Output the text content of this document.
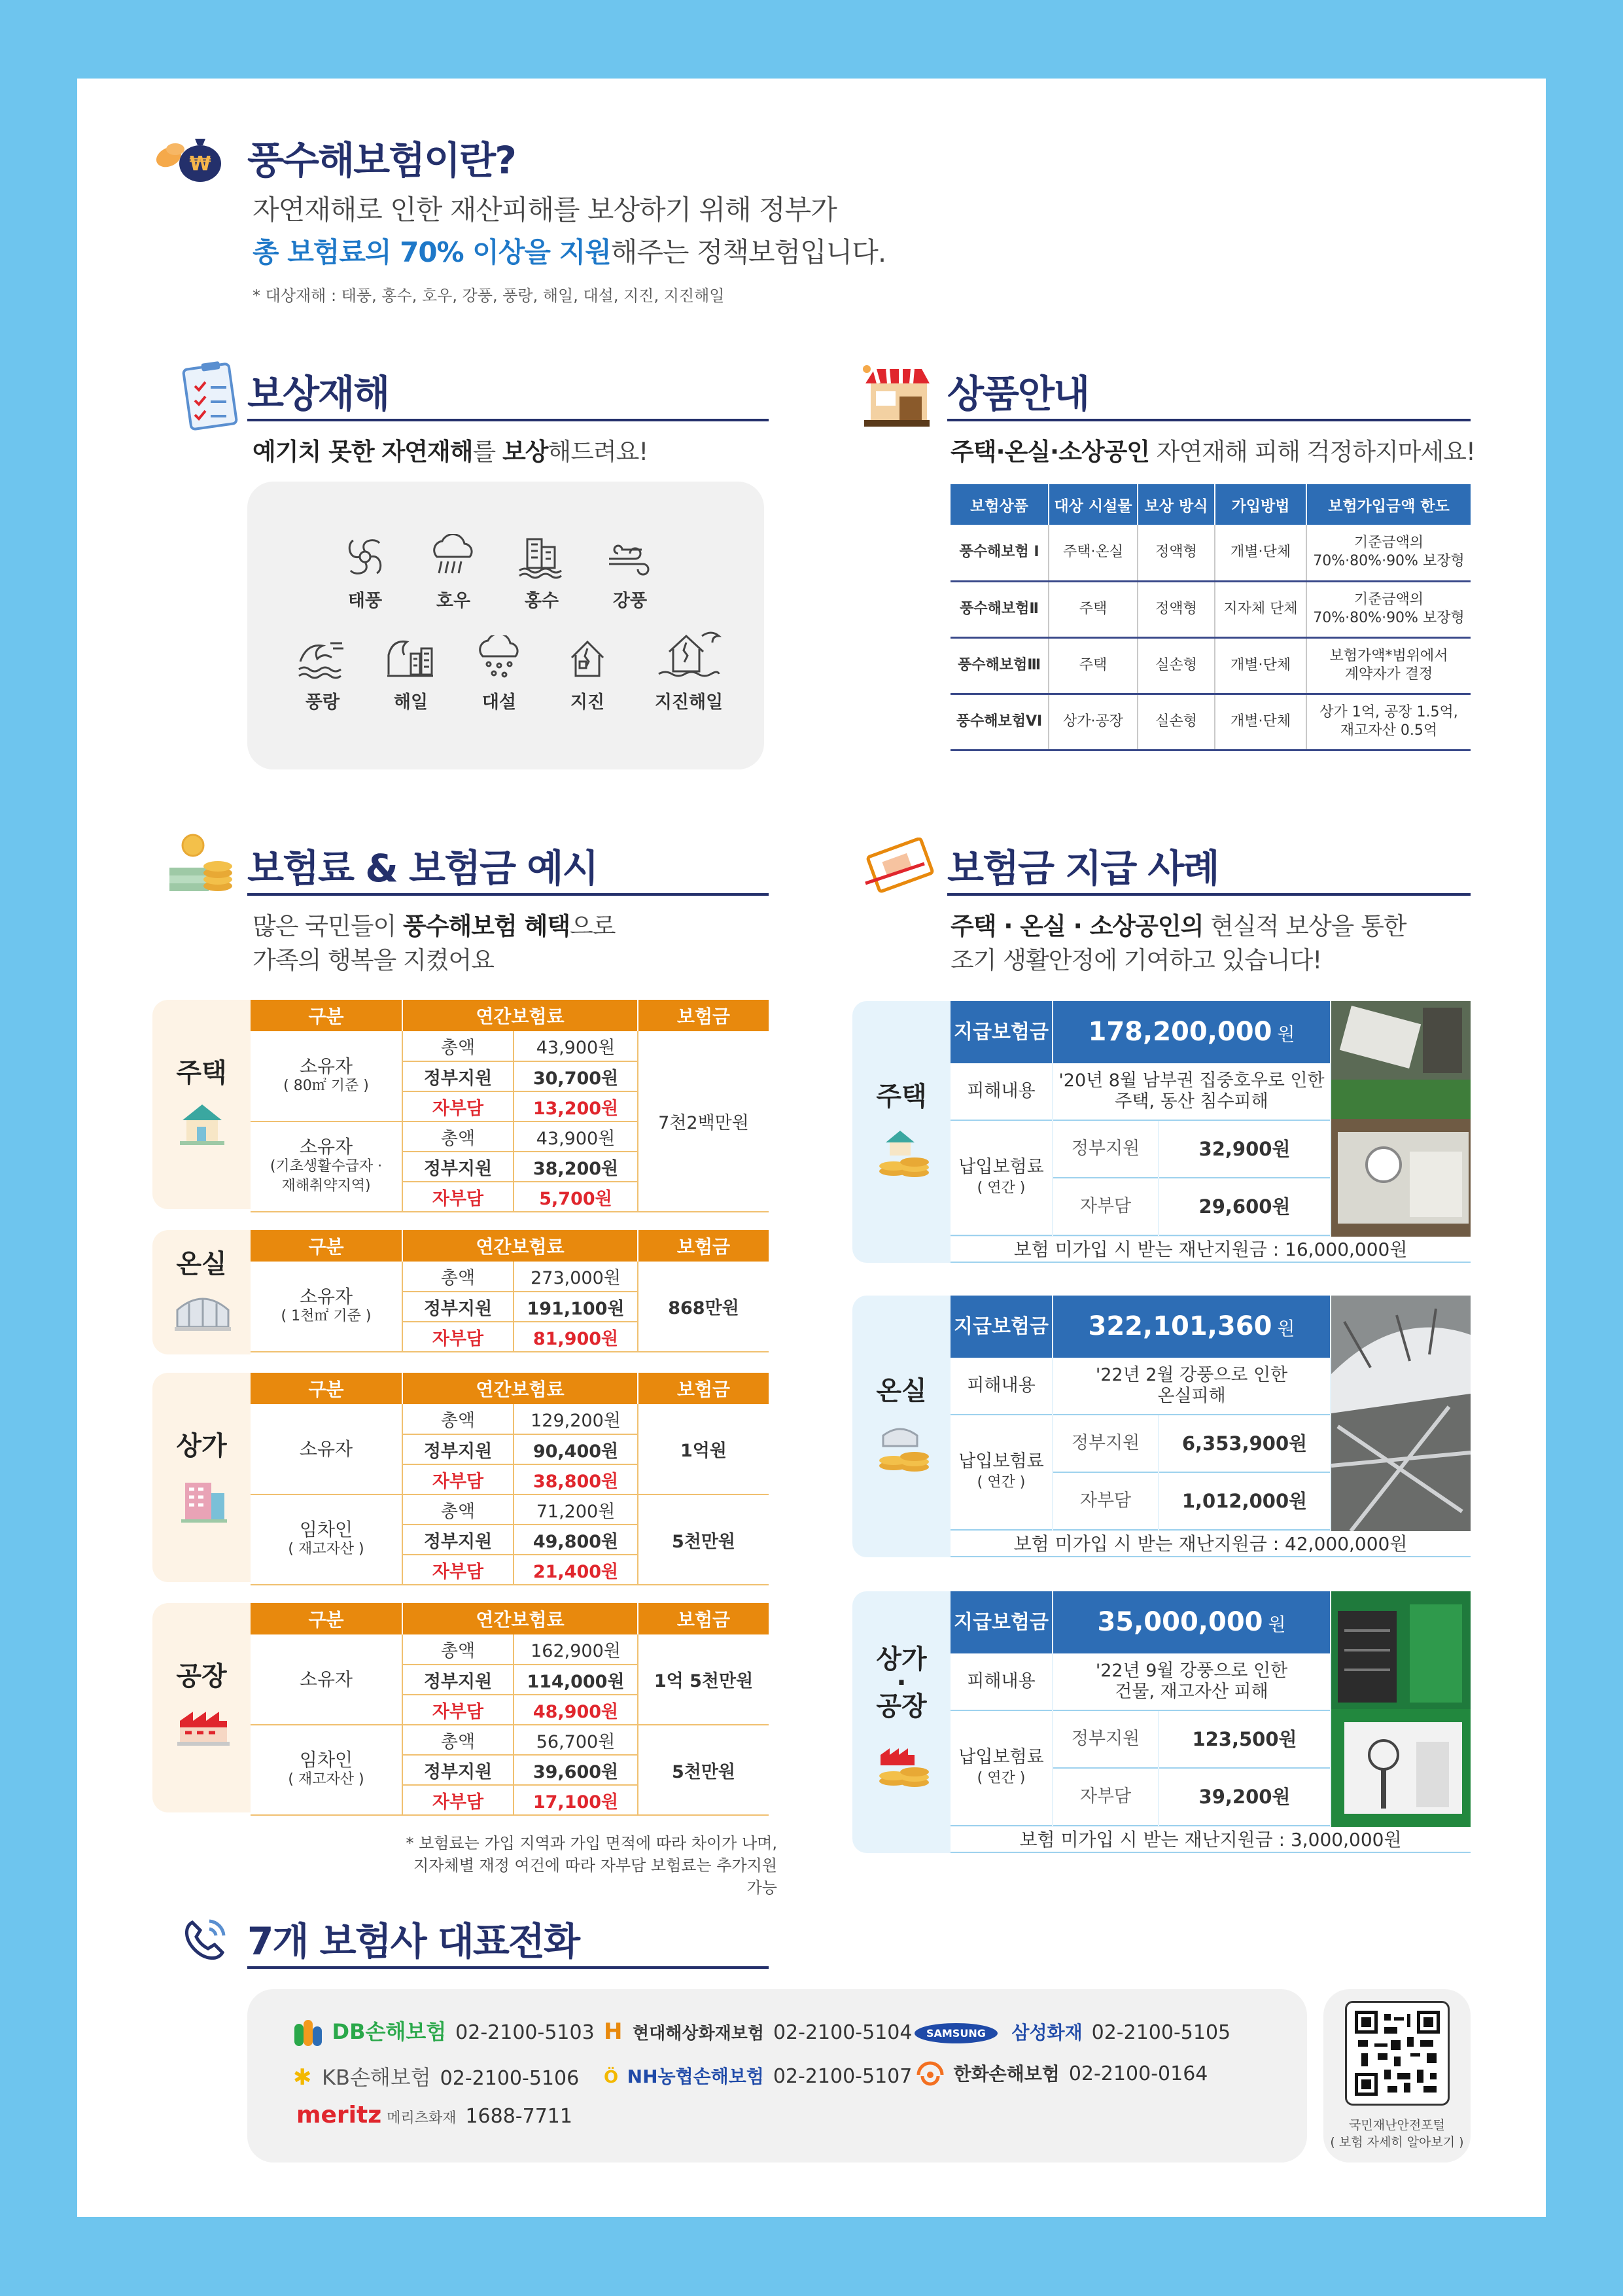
₩ 풍수해보험이란?
자연재해로 인한 재산피해를 보상하기 위해 정부가
총 보험료의 70% 이상을 지원해주는 정책보험입니다.
* 대상재해 : 태풍, 홍수, 호우, 강풍, 풍랑, 해일, 대설, 지진, 지진해일
보상재해
예기치 못한 자연재해를 보상해드려요!
태풍	호우	홍수	강풍
풍랑	해일	대설	지진	지진해일
상품안내
주택·온실·소상공인 자연재해 피해 걱정하지마세요!
보험상품	대상 시설물	보상 방식	가입방법	보험가입금액 한도
풍수해보험 I	주택·온실	정액형	개별·단체	기준금액의
70%·80%·90% 보장형

풍수해보험Ⅱ	주택	정액형	지자체 단체	기준금액의
70%·80%·90% 보장형

풍수해보험Ⅲ	주택	실손형	개별·단체	보험가액*범위에서
계약자가 결정

풍수해보험VI	상가·공장	실손형	개별·단체	상가 1억, 공장 1.5억,
재고자산 0.5억
보험료 & 보험금 예시
많은 국민들이 풍수해보험 혜택으로
가족의 행복을 지켰어요
주택
구분	연간보험료		보험금

소유자
( 80㎡ 기준 )	총액	43,900원	7천2백만원
	정부지원	30,700원	
	자부담	13,200원	

소유자
(기초생활수급자 ·
재해취약지역)	총액	43,900원	
	정부지원	38,200원	
	자부담	5,700원	
온실
구분	연간보험료		보험금

소유자
( 1천㎡ 기준 )	총액	273,000원	868만원
	정부지원	191,100원	
	자부담	81,900원	
상가
구분	연간보험료		보험금
소유자	총액	129,200원	1억원
	정부지원	90,400원	
	자부담	38,800원	

임차인
( 재고자산 )	총액	71,200원	5천만원
	정부지원	49,800원	
	자부담	21,400원	
공장
구분	연간보험료		보험금
소유자	총액	162,900원	1억 5천만원
	정부지원	114,000원	
	자부담	48,900원	

임차인
( 재고자산 )	총액	56,700원	5천만원
	정부지원	39,600원	
	자부담	17,100원	
* 보험료는 가입 지역과 가입 면적에 따라 차이가 나며,
지자체별 재정 여건에 따라 자부담 보험료는 추가지원 가능
보험금 지급 사례
주택 · 온실 · 소상공인의 현실적 보상을 통한
조기 생활안정에 기여하고 있습니다!
주택
지급보험금	178,200,000 원
피해내용
'20년 8월 남부권 집중호우로 인한
주택, 동산 침수피해
납입보험료
( 연간 )
정부지원	32,900원
자부담	29,600원
보험 미가입 시 받는 재난지원금 : 16,000,000원
온실
지급보험금	322,101,360 원
피해내용
'22년 2월 강풍으로 인한
온실피해
납입보험료
( 연간 )
정부지원	6,353,900원
자부담	1,012,000원
보험 미가입 시 받는 재난지원금 : 42,000,000원
상가
·
공장
지급보험금	35,000,000 원
피해내용
'22년 9월 강풍으로 인한
건물, 재고자산 피해
납입보험료
( 연간 )
정부지원	123,500원
자부담	39,200원
보험 미가입 시 받는 재난지원금 : 3,000,000원
7개 보험사 대표전화
DB손해보험 02-2100-5103 H 현대해상화재보험 02-2100-5104	SAMSUNG 삼성화재 02-2100-5105
✱ KB손해보험 02-2100-5106 Ö NH농협손해보험 02-2100-5107	한화손해보험 02-2100-0164
meritz 메리츠화재 1688-7711	국민재난안전포털
( 보험 자세히 알아보기 )
